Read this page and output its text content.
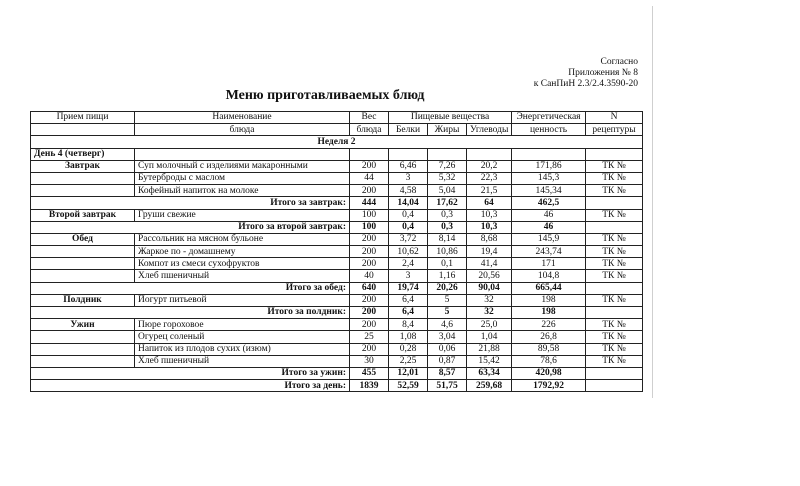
Согласно
Приложения № 8
к СанПиН 2.3/2.4.3590-20
Меню приготавливаемых блюд
Прием пищи	Наименование	Вес	Пищевые вещества			Энергетическая	N
	блюда	блюда	Белки	Жиры	Углеводы	ценность	рецептуры
Неделя 2							
День 4 (четверг)							
Завтрак	Суп молочный с изделиями макаронными	200	6,46	7,26	20,2	171,86	ТК №
	Бутерброды с маслом	44	3	5,32	22,3	145,3	ТК №
	Кофейный напиток на молоке	200	4,58	5,04	21,5	145,34	ТК №
Итого за завтрак:		444	14,04	17,62	64	462,5	
Второй завтрак	Груши свежие	100	0,4	0,3	10,3	46	ТК №
Итого за второй завтрак:		100	0,4	0,3	10,3	46	
Обед	Рассольник на мясном бульоне	200	3,72	8,14	8,68	145,9	ТК №
	Жаркое по - домашнему	200	10,62	10,86	19,4	243,74	ТК №
	Компот из смеси сухофруктов	200	2,4	0,1	41,4	171	ТК №
	Хлеб пшеничный	40	3	1,16	20,56	104,8	ТК №
Итого за обед:		640	19,74	20,26	90,04	665,44	
Полдник	Йогурт питьевой	200	6,4	5	32	198	ТК №
Итого за полдник:		200	6,4	5	32	198	
Ужин	Пюре гороховое	200	8,4	4,6	25,0	226	ТК №
	Огурец соленый	25	1,08	3,04	1,04	26,8	ТК №
	Напиток из плодов сухих (изюм)	200	0,28	0,06	21,88	89,58	ТК №
	Хлеб пшеничный	30	2,25	0,87	15,42	78,6	ТК №
Итого за ужин:		455	12,01	8,57	63,34	420,98	
Итого за день:		1839	52,59	51,75	259,68	1792,92	
